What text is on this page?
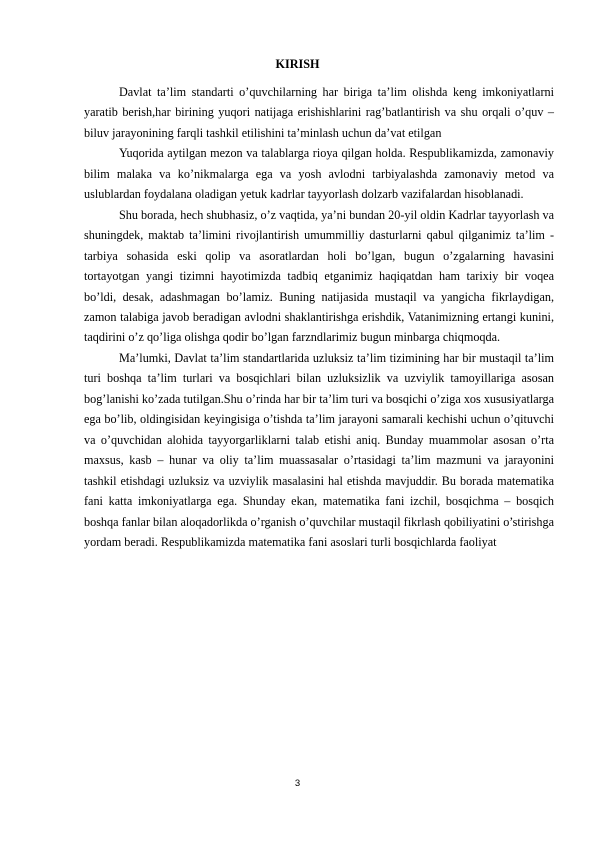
KIRISH

Davlat ta’lim standarti o’quvchilarning har biriga ta’lim olishda keng imkoniyatlarni yaratib berish,har birining yuqori natijaga erishishlarini rag’batlantirish va shu orqali o’quv – biluv jarayonining farqli tashkil etilishini ta’minlash uchun da’vat etilgan

Yuqorida aytilgan mezon va talablarga rioya qilgan holda. Respublikamizda, zamonaviy bilim malaka va ko’nikmalarga ega va yosh avlodni tarbiyalashda zamonaviy metod va uslublardan foydalana oladigan yetuk kadrlar tayyorlash dolzarb vazifalardan hisoblanadi.

Shu borada, hech shubhasiz, o’z vaqtida, ya’ni bundan 20-yil oldin Kadrlar tayyorlash va shuningdek, maktab ta’limini rivojlantirish umummilliy dasturlarni qabul qilganimiz ta’lim - tarbiya sohasida eski qolip va asoratlardan holi bo’lgan, bugun o’zgalarning havasini tortayotgan yangi tizimni hayotimizda tadbiq etganimiz haqiqatdan ham tarixiy bir voqea bo’ldi, desak, adashmagan bo’lamiz. Buning natijasida mustaqil va yangicha fikrlaydigan, zamon talabiga javob beradigan avlodni shaklantirishga erishdik, Vatanimizning ertangi kunini, taqdirini o’z qo’liga olishga qodir bo’lgan farzndlarimiz bugun minbarga chiqmoqda.

Ma’lumki, Davlat ta’lim standartlarida uzluksiz ta’lim tizimining har bir mustaqil ta’lim turi boshqa ta’lim turlari va bosqichlari bilan uzluksizlik va uzviylik tamoyillariga asosan bog’lanishi ko’zada tutilgan.Shu o’rinda har bir ta’lim turi va bosqichi o’ziga xos xususiyatlarga ega bo’lib, oldingisidan keyingisiga o’tishda ta’lim jarayoni samarali kechishi uchun o’qituvchi va o’quvchidan alohida tayyorgarliklarni talab etishi aniq. Bunday muammolar asosan o’rta maxsus, kasb – hunar va oliy ta’lim muassasalar o’rtasidagi ta’lim mazmuni va jarayonini tashkil etishdagi uzluksiz va uzviylik masalasini hal etishda mavjuddir. Bu borada matematika fani katta imkoniyatlarga ega. Shunday ekan, matematika fani izchil, bosqichma – bosqich boshqa fanlar bilan aloqadorlikda o’rganish o’quvchilar mustaqil fikrlash qobiliyatini o’stirishga yordam beradi. Respublikamizda matematika fani asoslari turli bosqichlarda faoliyat

3
